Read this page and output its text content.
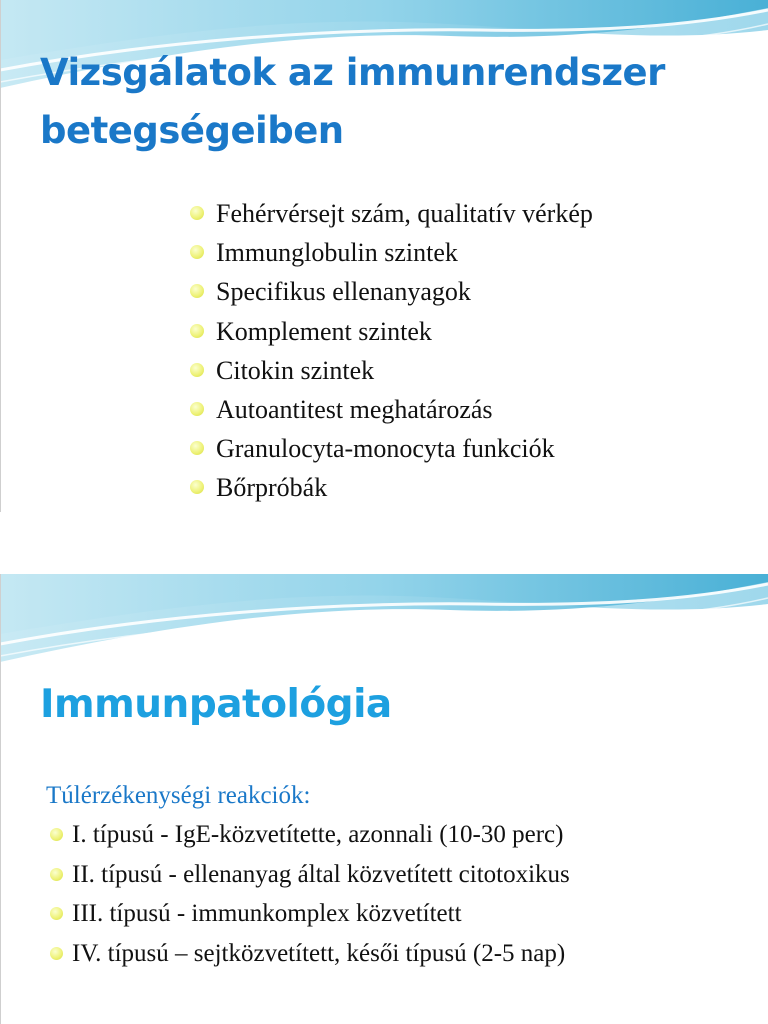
Vizsgálatok az immunrendszer betegségeiben
Fehérvérsejt szám, qualitatív vérkép
Immunglobulin szintek
Specifikus ellenanyagok
Komplement szintek
Citokin szintek
Autoantitest meghatározás
Granulocyta-monocyta funkciók
Bőrpróbák
Immunpatológia

Túlérzékenységi reakciók:

I. típusú - IgE-közvetítette, azonnali (10-30 perc)
II. típusú - ellenanyag által közvetített citotoxikus
III. típusú - immunkomplex közvetített
IV. típusú – sejtközvetített, késői típusú (2-5 nap)
